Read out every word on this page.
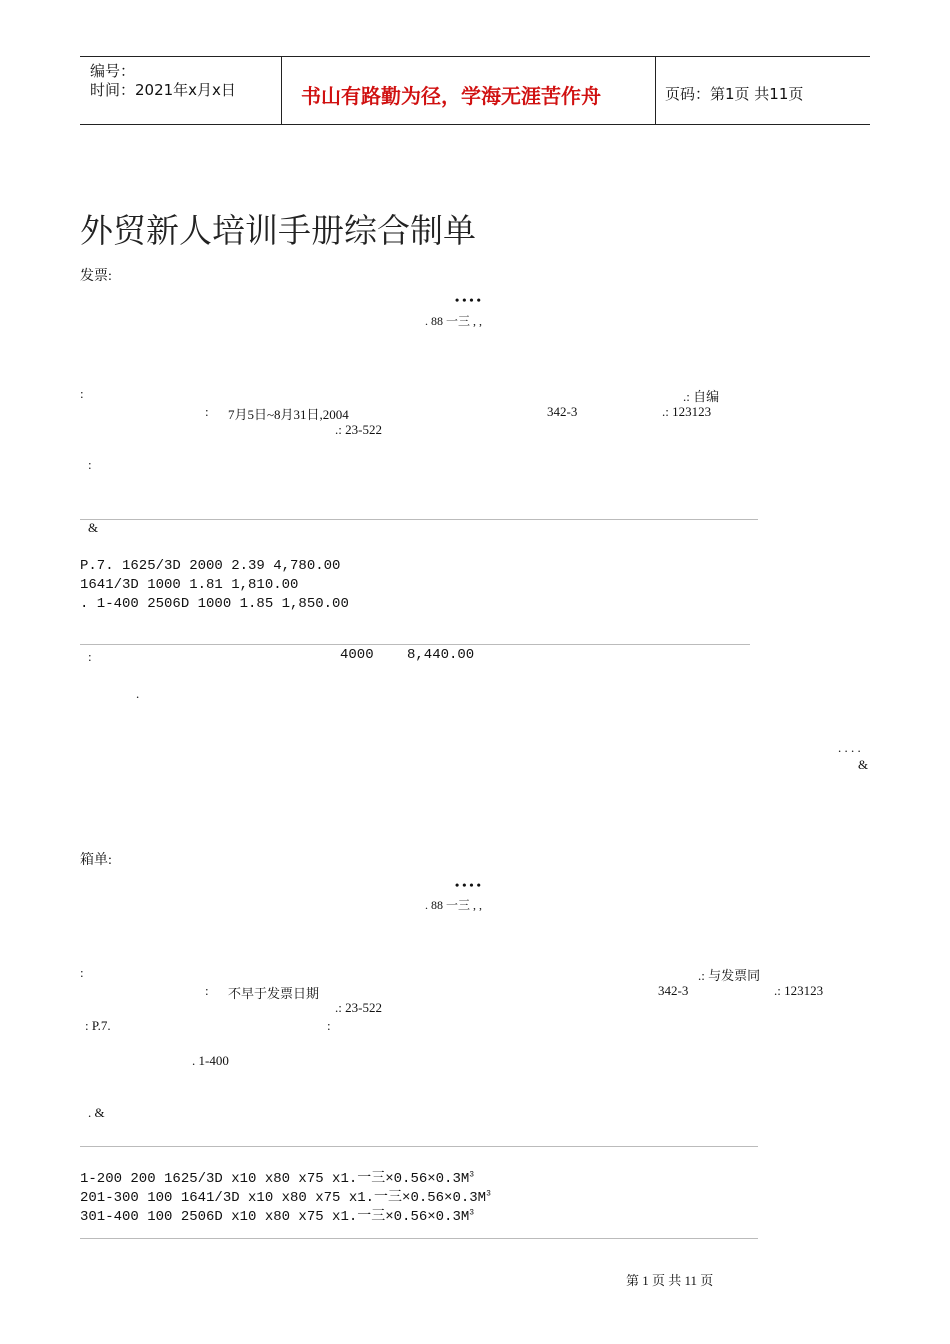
编号：
时间：2021年x月x日	书山有路勤为径，学海无涯苦作舟	页码：第1页 共11页
外贸新人培训手册综合制单
发票:
• • • •
. 88 一三 , ,
:	.: 自编
: 7月5日~8月31日,2004	342-3	.: 123123
.: 23-522
:
&
P.7. 1625/3D 2000 2.39 4,780.00
1641/3D 1000 1.81 1,810.00
. 1-400 2506D 1000 1.85 1,850.00
:	4000 8,440.00
.
. . . .
&
箱单:
• • • •
. 88 一三 , ,
:	.: 与发票同
: 不早于发票日期	342-3	.: 123123
.: 23-522
: P.7.	:
. 1-400
. &
1-200 200 1625/3D x10 x80 x75 x1.一三$\times 0.56\times 0.3M^3$
201-300 100 1641/3D x10 x80 x75 x1.一三$\times 0.56\times 0.3M^3$
301-400 100 2506D x10 x80 x75 x1.一三$\times 0.56\times 0.3M^3$
第 1 页 共 11 页
